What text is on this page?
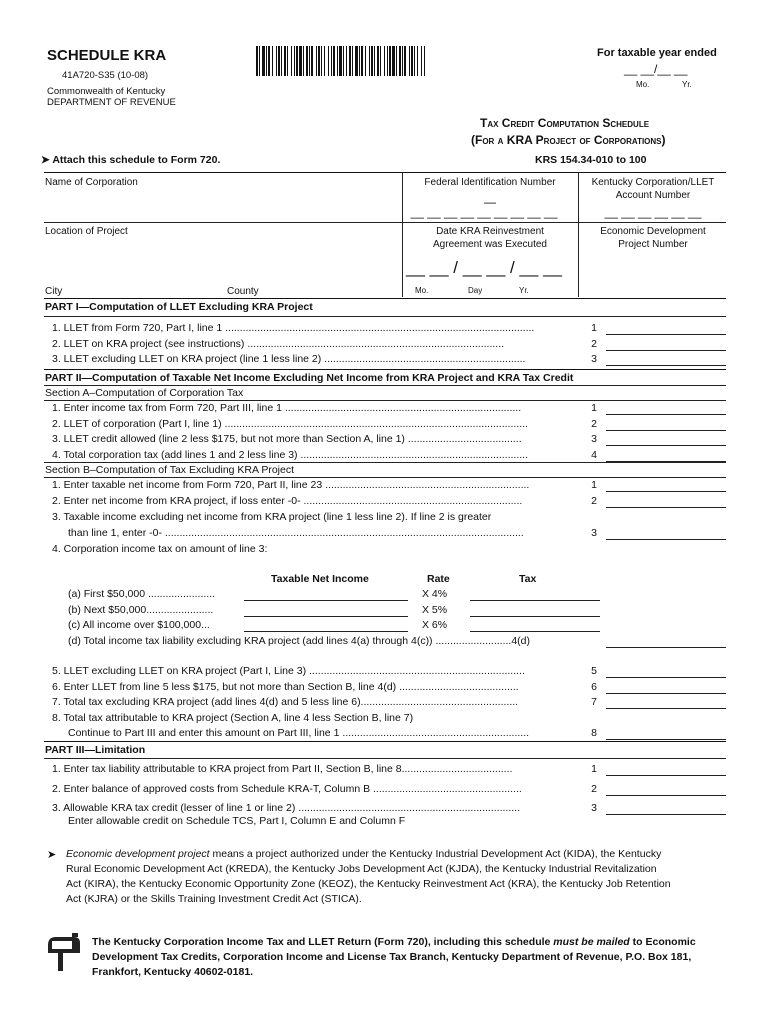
SCHEDULE KRA
41A720-S35 (10-08)
Commonwealth of Kentucky
DEPARTMENT OF REVENUE
For taxable year ended
__ __/__ __
Mo.	Yr.
Tax Credit Computation Schedule
(For a KRA Project of Corporations)
➤ Attach this schedule to Form 720.	KRS 154.34-010 to 100
Name of Corporation	Federal Identification Number
—
__ __ __ __ __ __ __ __ __
Kentucky Corporation/LLET
Account Number
__ __ __ __ __ __
Location of Project	Date KRA Reinvestment
Agreement was Executed
__ __ / __ __ / __ __
Mo.	Day	Yr.
Economic Development
Project Number
City	County
PART I—Computation of LLET Excluding KRA Project
1. LLET from Form 720, Part I, line 1 ..........................................................................................................	1
2. LLET on KRA project (see instructions) ........................................................................................	2
3. LLET excluding LLET on KRA project (line 1 less line 2) .....................................................................	3
PART II—Computation of Taxable Net Income Excluding Net Income from KRA Project and KRA Tax Credit
Section A–Computation of Corporation Tax
1. Enter income tax from Form 720, Part III, line 1 .................................................................................	1
2. LLET of corporation (Part I, line 1) ........................................................................................................	2
3. LLET credit allowed (line 2 less $175, but not more than Section A, line 1) .......................................	3
4. Total corporation tax (add lines 1 and 2 less line 3) ..............................................................................	4
Section B–Computation of Tax Excluding KRA Project
1. Enter taxable net income from Form 720, Part II, line 23 ......................................................................	1
2. Enter net income from KRA project, if loss enter -0- ...........................................................................	2
3. Taxable income excluding net income from KRA project (line 1 less line 2). If line 2 is greater
than line 1, enter -0- ...........................................................................................................................	3
4. Corporation income tax on amount of line 3:
Taxable Net Income	Rate	Tax
(a) First $50,000 .......................	X 4%
(b) Next $50,000.......................	X 5%
(c) All income over $100,000...	X 6%
(d) Total income tax liability excluding KRA project (add lines 4(a) through 4(c)) ..........................4(d)
5. LLET excluding LLET on KRA project (Part I, Line 3) ..........................................................................	5
6. Enter LLET from line 5 less $175, but not more than Section B, line 4(d) .........................................	6
7. Total tax excluding KRA project (add lines 4(d) and 5 less line 6)......................................................	7
8. Total tax attributable to KRA project (Section A, line 4 less Section B, line 7)
Continue to Part III and enter this amount on Part III, line 1 ................................................................	8
PART III—Limitation
1. Enter tax liability attributable to KRA project from Part II, Section B, line 8......................................	1
2. Enter balance of approved costs from Schedule KRA-T, Column B ...................................................	2
3. Allowable KRA tax credit (lesser of line 1 or line 2) ............................................................................	3
Enter allowable credit on Schedule TCS, Part I, Column E and Column F
➤ Economic development project means a project authorized under the Kentucky Industrial Development Act (KIDA), the Kentucky
Rural Economic Development Act (KREDA), the Kentucky Jobs Development Act (KJDA), the Kentucky Industrial Revitalization
Act (KIRA), the Kentucky Economic Opportunity Zone (KEOZ), the Kentucky Reinvestment Act (KRA), the Kentucky Job Retention
Act (KJRA) or the Skills Training Investment Credit Act (STICA).
The Kentucky Corporation Income Tax and LLET Return (Form 720), including this schedule must be mailed to Economic
Development Tax Credits, Corporation Income and License Tax Branch, Kentucky Department of Revenue, P.O. Box 181,
Frankfort, Kentucky 40602-0181.
